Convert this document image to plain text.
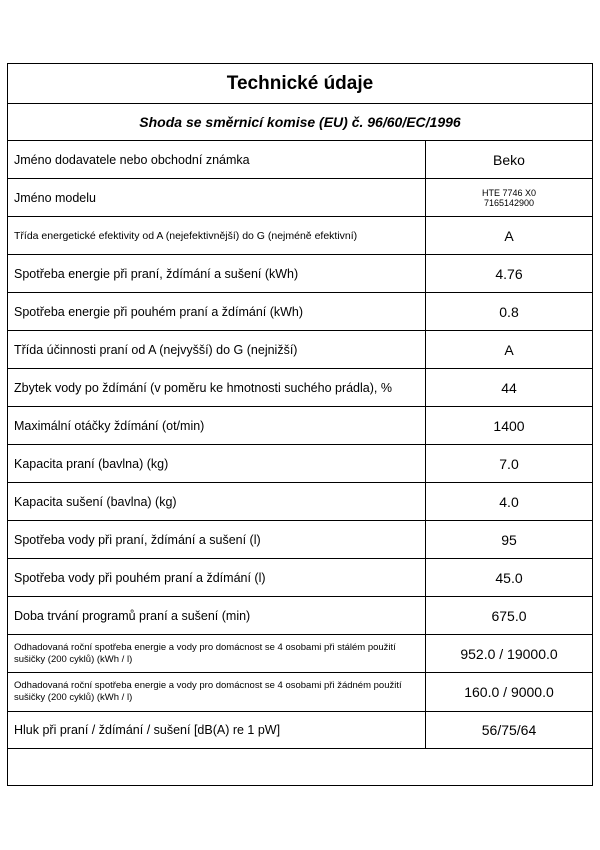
Technické údaje
Shoda se směrnicí komise (EU) č. 96/60/EC/1996
Jméno dodavatele nebo obchodní známka	Beko
Jméno modelu	HTE 7746 X0
7165142900
Třída energetické efektivity od A (nejefektivnější) do G (nejméně efektivní)	A
Spotřeba energie při praní, ždímání a sušení (kWh)	4.76
Spotřeba energie při pouhém praní a ždímání (kWh)	0.8
Třída účinnosti praní od A (nejvyšší) do G (nejnižší)	A
Zbytek vody po ždímání (v poměru ke hmotnosti suchého prádla), %	44
Maximální otáčky ždímání (ot/min)	1400
Kapacita praní (bavlna) (kg)	7.0
Kapacita sušení (bavlna) (kg)	4.0
Spotřeba vody při praní, ždímání a sušení (l)	95
Spotřeba vody při pouhém praní a ždímání (l)	45.0
Doba trvání programů praní a sušení (min)	675.0
Odhadovaná roční spotřeba energie a vody pro domácnost se 4 osobami při stálém použití sušičky (200 cyklů) (kWh / l)	952.0 / 19000.0
Odhadovaná roční spotřeba energie a vody pro domácnost se 4 osobami při žádném použití sušičky (200 cyklů) (kWh / l)	160.0 / 9000.0
Hluk při praní / ždímání / sušení [dB(A) re 1 pW]	56/75/64
